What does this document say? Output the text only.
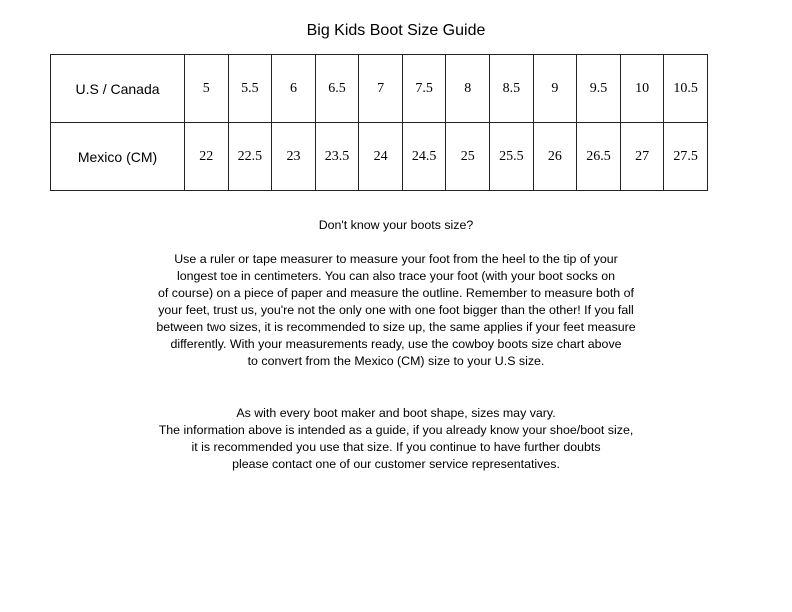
Big Kids Boot Size Guide
U.S / Canada	5	5.5	6	6.5	7	7.5	8	8.5	9	9.5	10	10.5
Mexico (CM)	22	22.5	23	23.5	24	24.5	25	25.5	26	26.5	27	27.5
Don't know your boots size?
Use a ruler or tape measurer to measure your foot from the heel to the tip of your
longest toe in centimeters. You can also trace your foot (with your boot socks on
of course) on a piece of paper and measure the outline. Remember to measure both of
your feet, trust us, you're not the only one with one foot bigger than the other! If you fall
between two sizes, it is recommended to size up, the same applies if your feet measure
differently. With your measurements ready, use the cowboy boots size chart above
to convert from the Mexico (CM) size to your U.S size.
As with every boot maker and boot shape, sizes may vary.
The information above is intended as a guide, if you already know your shoe/boot size,
it is recommended you use that size. If you continue to have further doubts
please contact one of our customer service representatives.
